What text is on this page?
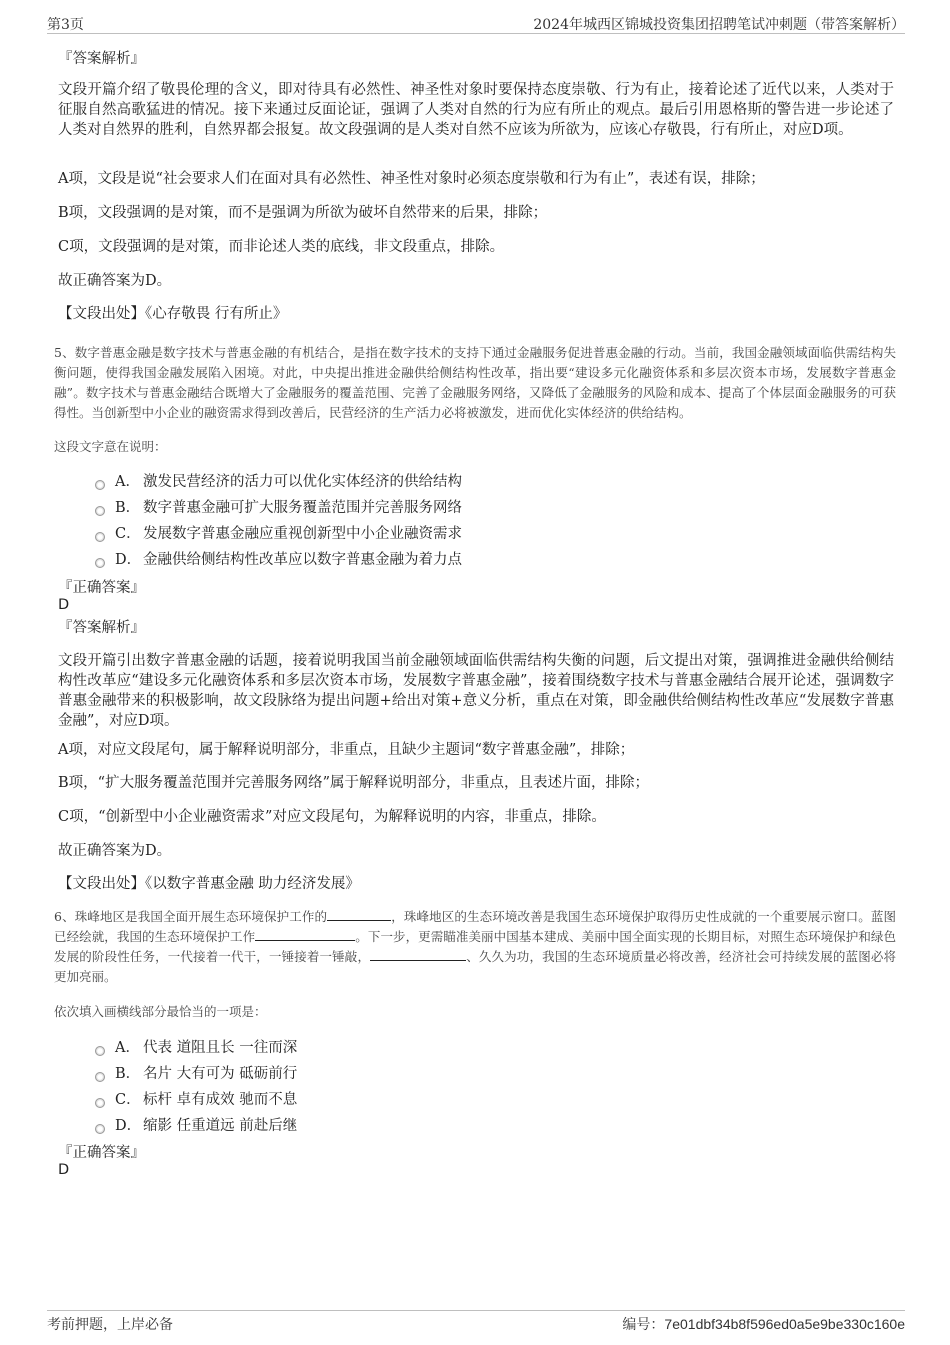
第3页	2024年城西区锦城投资集团招聘笔试冲刺题（带答案解析）
『答案解析』
文段开篇介绍了敬畏伦理的含义，即对待具有必然性、神圣性对象时要保持态度崇敬、行为有止，接着论述了近代以来，人类对于征服自然高歌猛进的情况。接下来通过反面论证，强调了人类对自然的行为应有所止的观点。最后引用恩格斯的警告进一步论述了人类对自然界的胜利，自然界都会报复。故文段强调的是人类对自然不应该为所欲为，应该心存敬畏，行有所止，对应D项。
A项，文段是说“社会要求人们在面对具有必然性、神圣性对象时必须态度崇敬和行为有止”，表述有误，排除；
B项，文段强调的是对策，而不是强调为所欲为破坏自然带来的后果，排除；
C项，文段强调的是对策，而非论述人类的底线，非文段重点，排除。
故正确答案为D。
【文段出处】《心存敬畏 行有所止》
5、数字普惠金融是数字技术与普惠金融的有机结合，是指在数字技术的支持下通过金融服务促进普惠金融的行动。当前，我国金融领域面临供需结构失衡问题，使得我国金融发展陷入困境。对此，中央提出推进金融供给侧结构性改革，指出要“建设多元化融资体系和多层次资本市场，发展数字普惠金融”。数字技术与普惠金融结合既增大了金融服务的覆盖范围、完善了金融服务网络，又降低了金融服务的风险和成本、提高了个体层面金融服务的可获得性。当创新型中小企业的融资需求得到改善后，民营经济的生产活力必将被激发，进而优化实体经济的供给结构。
这段文字意在说明：
A． 激发民营经济的活力可以优化实体经济的供给结构
B． 数字普惠金融可扩大服务覆盖范围并完善服务网络
C． 发展数字普惠金融应重视创新型中小企业融资需求
D． 金融供给侧结构性改革应以数字普惠金融为着力点
『正确答案』
D
『答案解析』
文段开篇引出数字普惠金融的话题，接着说明我国当前金融领域面临供需结构失衡的问题，后文提出对策，强调推进金融供给侧结构性改革应“建设多元化融资体系和多层次资本市场，发展数字普惠金融”，接着围绕数字技术与普惠金融结合展开论述，强调数字普惠金融带来的积极影响，故文段脉络为提出问题+给出对策+意义分析，重点在对策，即金融供给侧结构性改革应“发展数字普惠金融”，对应D项。
A项，对应文段尾句，属于解释说明部分，非重点，且缺少主题词“数字普惠金融”，排除；
B项，“扩大服务覆盖范围并完善服务网络”属于解释说明部分，非重点，且表述片面，排除；
C项，“创新型中小企业融资需求”对应文段尾句，为解释说明的内容，非重点，排除。
故正确答案为D。
【文段出处】《以数字普惠金融 助力经济发展》
6、珠峰地区是我国全面开展生态环境保护工作的	，珠峰地区的生态环境改善是我国生态环境保护取得历史性成就的一个重要展示窗口。蓝图已经绘就，我国的生态环境保护工作	。下一步，更需瞄准美丽中国基本建成、美丽中国全面实现的长期目标，对照生态环境保护和绿色发展的阶段性任务，一代接着一代干，一锤接着一锤敲，	、久久为功，我国的生态环境质量必将改善，经济社会可持续发展的蓝图必将更加亮丽。
依次填入画横线部分最恰当的一项是：
A． 代表 道阻且长 一往而深
B． 名片 大有可为 砥砺前行
C． 标杆 卓有成效 驰而不息
D． 缩影 任重道远 前赴后继
『正确答案』
D
考前押题，上岸必备	编号：7e01dbf34b8f596ed0a5e9be330c160e
